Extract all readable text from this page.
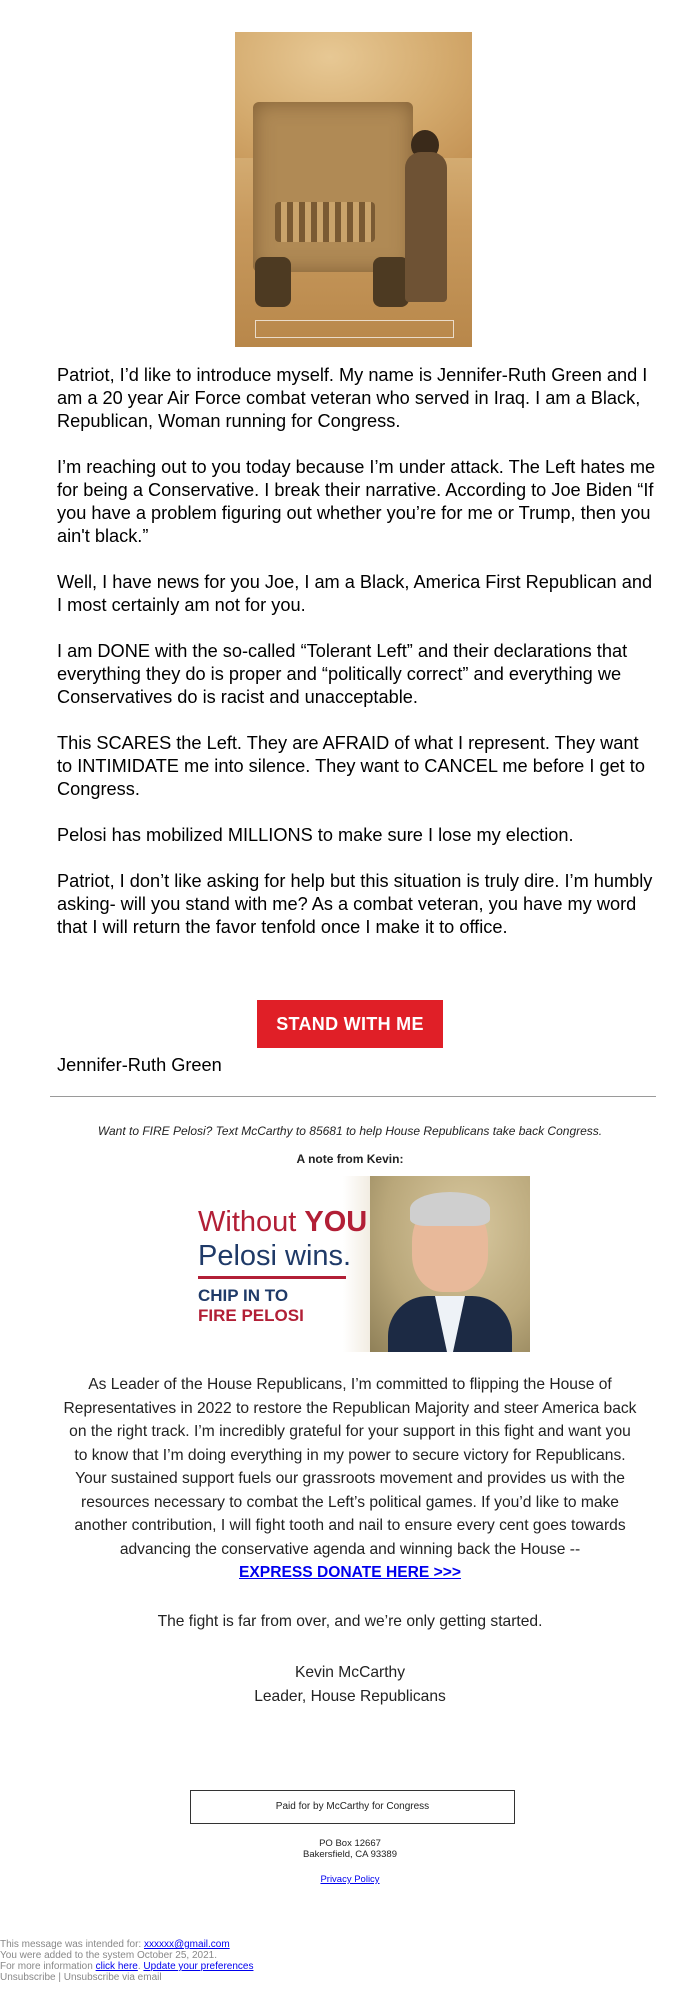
Patriot, I’d like to introduce myself. My name is Jennifer-Ruth Green and I am a 20 year Air Force combat veteran who served in Iraq. I am a Black, Republican, Woman running for Congress.

I’m reaching out to you today because I’m under attack. The Left hates me for being a Conservative. I break their narrative. According to Joe Biden “If you have a problem figuring out whether you’re for me or Trump, then you ain't black.”

Well, I have news for you Joe, I am a Black, America First Republican and I most certainly am not for you.

I am DONE with the so-called “Tolerant Left” and their declarations that everything they do is proper and “politically correct” and everything we Conservatives do is racist and unacceptable.

This SCARES the Left. They are AFRAID of what I represent. They want to INTIMIDATE me into silence. They want to CANCEL me before I get to Congress.

Pelosi has mobilized MILLIONS to make sure I lose my election.

Patriot, I don’t like asking for help but this situation is truly dire. I’m humbly asking- will you stand with me? As a combat veteran, you have my word that I will return the favor tenfold once I make it to office.

STAND WITH ME
Jennifer-Ruth Green
Want to FIRE Pelosi? Text McCarthy to 85681 to help House Republicans take back Congress.
A note from Kevin:
Without YOU
Pelosi wins.
CHIP IN TO
FIRE PELOSI
As Leader of the House Republicans, I’m committed to flipping the House of Representatives in 2022 to restore the Republican Majority and steer America back on the right track. I’m incredibly grateful for your support in this fight and want you to know that I’m doing everything in my power to secure victory for Republicans. Your sustained support fuels our grassroots movement and provides us with the resources necessary to combat the Left’s political games. If you’d like to make another contribution, I will fight tooth and nail to ensure every cent goes towards advancing the conservative agenda and winning back the House --
EXPRESS DONATE HERE >>>
The fight is far from over, and we’re only getting started.
Kevin McCarthy
Leader, House Republicans
Paid for by McCarthy for Congress
PO Box 12667
Bakersfield, CA 93389
Privacy Policy
This message was intended for: xxxxxx@gmail.com
You were added to the system October 25, 2021.
For more information click here. Update your preferences
Unsubscribe | Unsubscribe via email
